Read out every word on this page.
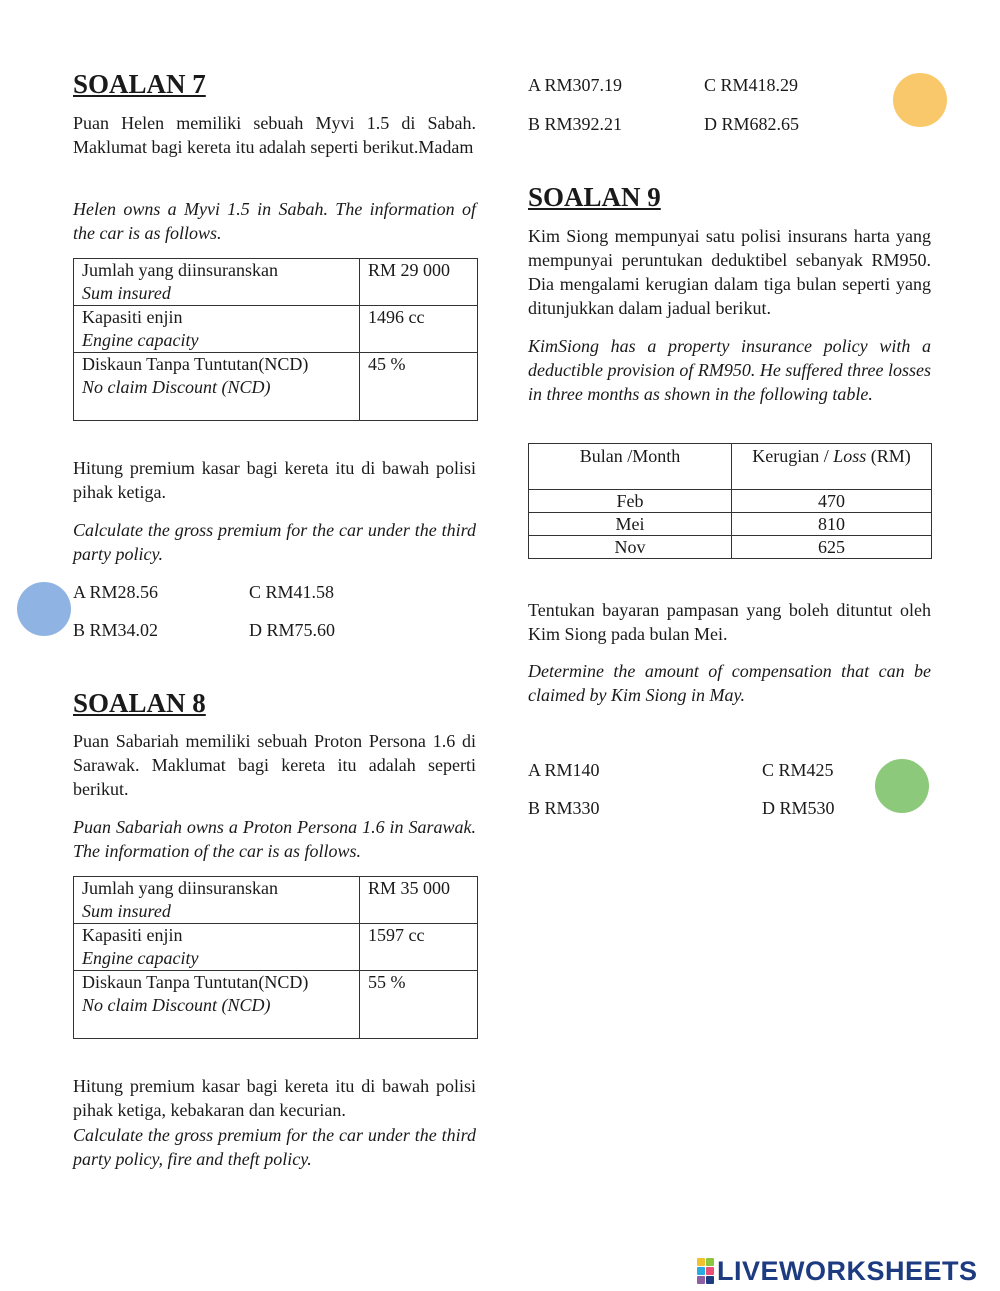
SOALAN 7

Puan Helen memiliki sebuah Myvi 1.5 di Sabah. Maklumat bagi kereta itu adalah seperti berikut.Madam

Helen owns a Myvi 1.5 in Sabah. The information of the car is as follows.

Jumlah yang diinsuranskan
Sum insured	RM 29 000
Kapasiti enjin
Engine capacity	1496 cc
Diskaun Tanpa Tuntutan(NCD)
No claim Discount (NCD)	45 %

Hitung premium kasar bagi kereta itu di bawah polisi pihak ketiga.

Calculate the gross premium for the car under the third party policy.

A RM28.56	C RM41.58
B RM34.02	D RM75.60
SOALAN 8

Puan Sabariah memiliki sebuah Proton Persona 1.6 di Sarawak. Maklumat bagi kereta itu adalah seperti berikut.

Puan Sabariah owns a Proton Persona 1.6 in Sarawak. The information of the car is as follows.

Jumlah yang diinsuranskan
Sum insured	RM 35 000
Kapasiti enjin
Engine capacity	1597 cc
Diskaun Tanpa Tuntutan(NCD)
No claim Discount (NCD)	55 %

Hitung premium kasar bagi kereta itu di bawah polisi pihak ketiga, kebakaran dan kecurian.

Calculate the gross premium for the car under the third party policy, fire and theft policy.

A RM307.19	C RM418.29
B RM392.21	D RM682.65
SOALAN 9

Kim Siong mempunyai satu polisi insurans harta yang mempunyai peruntukan deduktibel sebanyak RM950. Dia mengalami kerugian dalam tiga bulan seperti yang ditunjukkan dalam jadual berikut.

KimSiong has a property insurance policy with a deductible provision of RM950. He suffered three losses in three months as shown in the following table.

Bulan /Month	Kerugian / Loss (RM)
Feb	470
Mei	810
Nov	625

Tentukan bayaran pampasan yang boleh dituntut oleh Kim Siong pada bulan Mei.

Determine the amount of compensation that can be claimed by Kim Siong in May.

A RM140	C RM425
B RM330	D RM530
LIVEWORKSHEETS
